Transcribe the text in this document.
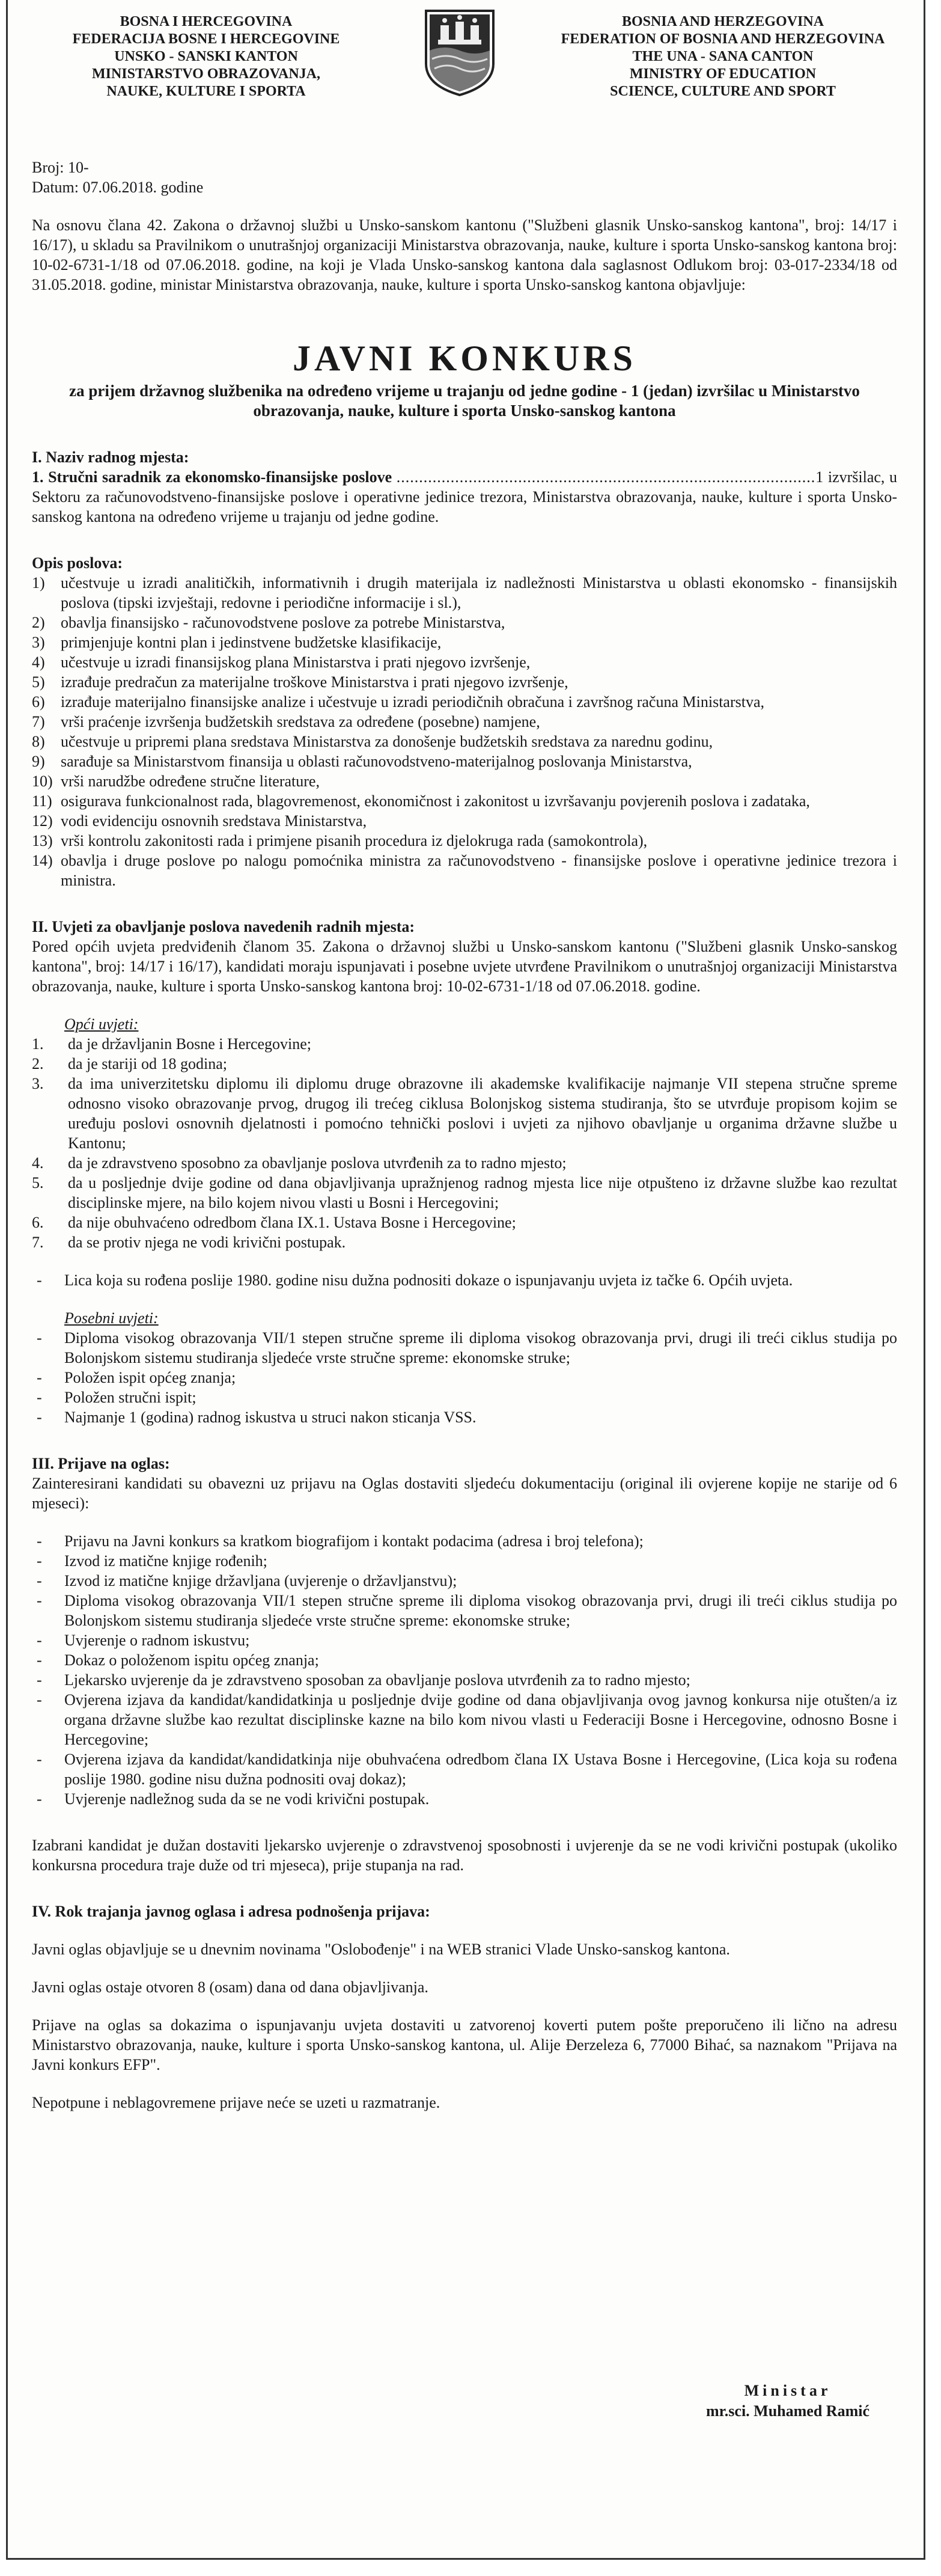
BOSNA I HERCEGOVINA
FEDERACIJA BOSNE I HERCEGOVINE
UNSKO - SANSKI KANTON
MINISTARSTVO OBRAZOVANJA,
NAUKE, KULTURE I SPORTA
BOSNIA AND HERZEGOVINA
FEDERATION OF BOSNIA AND HERZEGOVINA
THE UNA - SANA CANTON
MINISTRY OF EDUCATION
SCIENCE, CULTURE AND SPORT

Broj: 10-

Datum: 07.06.2018. godine

Na osnovu člana 42. Zakona o državnoj službi u Unsko-sanskom kantonu ("Službeni glasnik Unsko-sanskog kantona", broj: 14/17 i 16/17), u skladu sa Pravilnikom o unutrašnjoj organizaciji Ministarstva obrazovanja, nauke, kulture i sporta Unsko-sanskog kantona broj: 10-02-6731-1/18 od 07.06.2018. godine, na koji je Vlada Unsko-sanskog kantona dala saglasnost Odlukom broj: 03-017-2334/18 od 31.05.2018. godine, ministar Ministarstva obrazovanja, nauke, kulture i sporta Unsko-sanskog kantona objavljuje:

JAVNI KONKURS
za prijem državnog službenika na određeno vrijeme u trajanju od jedne godine - 1 (jedan) izvršilac u Ministarstvo obrazovanja, nauke, kulture i sporta Unsko-sanskog kantona

I. Naziv radnog mjesta:

1. Stručni saradnik za ekonomsko-finansijske poslove .............................................................................................1 izvršilac, u Sektoru za računovodstveno-finansijske poslove i operativne jedinice trezora, Ministarstva obrazovanja, nauke, kulture i sporta Unsko-sanskog kantona na određeno vrijeme u trajanju od jedne godine.

Opis poslova:

1)	učestvuje u izradi analitičkih, informativnih i drugih materijala iz nadležnosti Ministarstva u oblasti ekonomsko - finansijskih poslova (tipski izvještaji, redovne i periodične informacije i sl.),
2)	obavlja finansijsko - računovodstvene poslove za potrebe Ministarstva,
3)	primjenjuje kontni plan i jedinstvene budžetske klasifikacije,
4)	učestvuje u izradi finansijskog plana Ministarstva i prati njegovo izvršenje,
5)	izrađuje predračun za materijalne troškove Ministarstva i prati njegovo izvršenje,
6)	izrađuje materijalno finansijske analize i učestvuje u izradi periodičnih obračuna i završnog računa Ministarstva,
7)	vrši praćenje izvršenja budžetskih sredstava za određene (posebne) namjene,
8)	učestvuje u pripremi plana sredstava Ministarstva za donošenje budžetskih sredstava za narednu godinu,
9)	sarađuje sa Ministarstvom finansija u oblasti računovodstveno-materijalnog poslovanja Ministarstva,
10) vrši narudžbe određene stručne literature,
11) osigurava funkcionalnost rada, blagovremenost, ekonomičnost i zakonitost u izvršavanju povjerenih poslova i zadataka,
12) vodi evidenciju osnovnih sredstava Ministarstva,
13) vrši kontrolu zakonitosti rada i primjene pisanih procedura iz djelokruga rada (samokontrola),
14) obavlja i druge poslove po nalogu pomoćnika ministra za računovodstveno - finansijske poslove i operativne jedinice trezora i ministra.

II. Uvjeti za obavljanje poslova navedenih radnih mjesta:

Pored općih uvjeta predviđenih članom 35. Zakona o državnoj službi u Unsko-sanskom kantonu ("Službeni glasnik Unsko-sanskog kantona", broj: 14/17 i 16/17), kandidati moraju ispunjavati i posebne uvjete utvrđene Pravilnikom o unutrašnjoj organizaciji Ministarstva obrazovanja, nauke, kulture i sporta Unsko-sanskog kantona broj: 10-02-6731-1/18 od 07.06.2018. godine.

Opći uvjeti:

1.	da je državljanin Bosne i Hercegovine;
2.	da je stariji od 18 godina;
3.	da ima univerzitetsku diplomu ili diplomu druge obrazovne ili akademske kvalifikacije najmanje VII stepena stručne spreme odnosno visoko obrazovanje prvog, drugog ili trećeg ciklusa Bolonjskog sistema studiranja, što se utvrđuje propisom kojim se uređuju poslovi osnovnih djelatnosti i pomoćno tehnički poslovi i uvjeti za njihovo obavljanje u organima državne službe u Kantonu;
4.	da je zdravstveno sposobno za obavljanje poslova utvrđenih za to radno mjesto;
5.	da u posljednje dvije godine od dana objavljivanja upražnjenog radnog mjesta lice nije otpušteno iz državne službe kao rezultat disciplinske mjere, na bilo kojem nivou vlasti u Bosni i Hercegovini;
6.	da nije obuhvaćeno odredbom člana IX.1. Ustava Bosne i Hercegovine;
7.	da se protiv njega ne vodi krivični postupak.
-	Lica koja su rođena poslije 1980. godine nisu dužna podnositi dokaze o ispunjavanju uvjeta iz tačke 6. Općih uvjeta.

Posebni uvjeti:

-	Diploma visokog obrazovanja VII/1 stepen stručne spreme ili diploma visokog obrazovanja prvi, drugi ili treći ciklus studija po Bolonjskom sistemu studiranja sljedeće vrste stručne spreme: ekonomske struke;
-	Položen ispit općeg znanja;
-	Položen stručni ispit;
-	Najmanje 1 (godina) radnog iskustva u struci nakon sticanja VSS.

III. Prijave na oglas:

Zainteresirani kandidati su obavezni uz prijavu na Oglas dostaviti sljedeću dokumentaciju (original ili ovjerene kopije ne starije od 6 mjeseci):

-	Prijavu na Javni konkurs sa kratkom biografijom i kontakt podacima (adresa i broj telefona);
-	Izvod iz matične knjige rođenih;
-	Izvod iz matične knjige državljana (uvjerenje o državljanstvu);
-	Diploma visokog obrazovanja VII/1 stepen stručne spreme ili diploma visokog obrazovanja prvi, drugi ili treći ciklus studija po Bolonjskom sistemu studiranja sljedeće vrste stručne spreme: ekonomske struke;
-	Uvjerenje o radnom iskustvu;
-	Dokaz o položenom ispitu općeg znanja;
-	Ljekarsko uvjerenje da je zdravstveno sposoban za obavljanje poslova utvrđenih za to radno mjesto;
-	Ovjerena izjava da kandidat/kandidatkinja u posljednje dvije godine od dana objavljivanja ovog javnog konkursa nije otušten/a iz organa državne službe kao rezultat disciplinske kazne na bilo kom nivou vlasti u Federaciji Bosne i Hercegovine, odnosno Bosne i Hercegovine;
-	Ovjerena izjava da kandidat/kandidatkinja nije obuhvaćena odredbom člana IX Ustava Bosne i Hercegovine, (Lica koja su rođena poslije 1980. godine nisu dužna podnositi ovaj dokaz);
-	Uvjerenje nadležnog suda da se ne vodi krivični postupak.

Izabrani kandidat je dužan dostaviti ljekarsko uvjerenje o zdravstvenoj sposobnosti i uvjerenje da se ne vodi krivični postupak (ukoliko konkursna procedura traje duže od tri mjeseca), prije stupanja na rad.

IV. Rok trajanja javnog oglasa i adresa podnošenja prijava:

Javni oglas objavljuje se u dnevnim novinama "Oslobođenje" i na WEB stranici Vlade Unsko-sanskog kantona.

Javni oglas ostaje otvoren 8 (osam) dana od dana objavljivanja.

Prijave na oglas sa dokazima o ispunjavanju uvjeta dostaviti u zatvorenoj koverti putem pošte preporučeno ili lično na adresu Ministarstvo obrazovanja, nauke, kulture i sporta Unsko-sanskog kantona, ul. Alije Đerzeleza 6, 77000 Bihać, sa naznakom "Prijava na Javni konkurs EFP".

Nepotpune i neblagovremene prijave neće se uzeti u razmatranje.

Ministar
mr.sci. Muhamed Ramić
